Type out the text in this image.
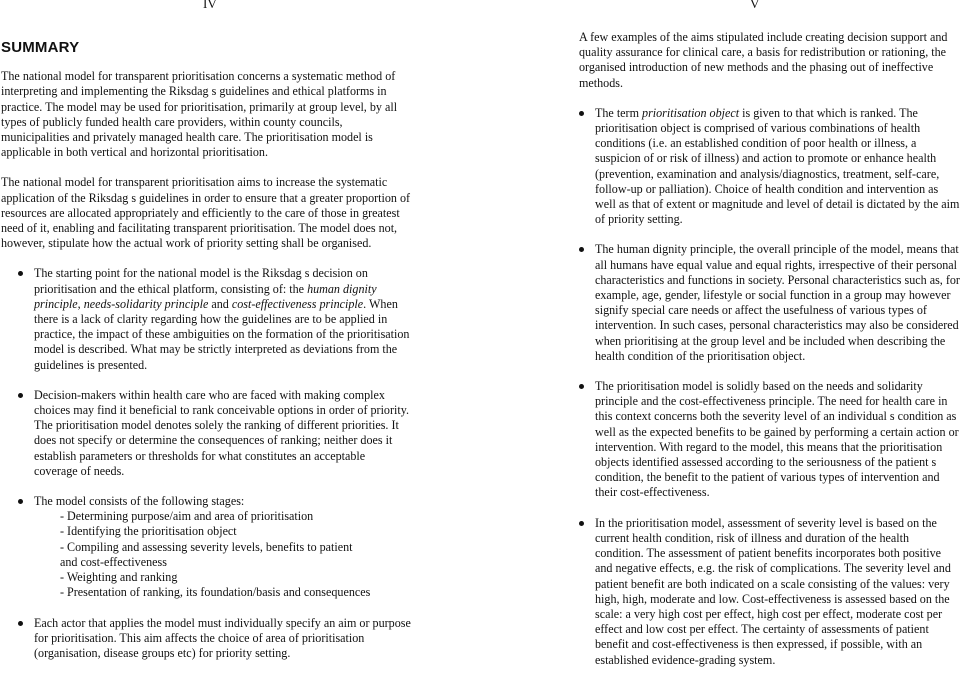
IV	V
SUMMARY

The national model for transparent prioritisation concerns a systematic method of interpreting and implementing the Riksdag s guidelines and ethical platforms in practice. The model may be used for prioritisation, primarily at group level, by all types of publicly funded health care providers, within county councils, municipalities and privately managed health care. The prioritisation model is applicable in both vertical and horizontal prioritisation.

The national model for transparent prioritisation aims to increase the systematic application of the Riksdag s guidelines in order to ensure that a greater proportion of resources are allocated appropriately and efficiently to the care of those in greatest need of it, enabling and facilitating transparent prioritisation. The model does not, however, stipulate how the actual work of priority setting shall be organised.

The starting point for the national model is the Riksdag s decision on prioritisation and the ethical platform, consisting of: the human dignity principle, needs-solidarity principle and cost-effectiveness principle. When there is a lack of clarity regarding how the guidelines are to be applied in practice, the impact of these ambiguities on the formation of the prioritisation model is described. What may be strictly interpreted as deviations from the guidelines is presented.
Decision-makers within health care who are faced with making complex choices may find it beneficial to rank conceivable options in order of priority. The prioritisation model denotes solely the ranking of different priorities. It does not specify or determine the consequences of ranking; neither does it establish parameters or thresholds for what constitutes an acceptable coverage of needs.
The model consists of the following stages:
- Determining purpose/aim and area of prioritisation
- Identifying the prioritisation object
- Compiling and assessing severity levels, benefits to patient
and cost-effectiveness
- Weighting and ranking
- Presentation of ranking, its foundation/basis and consequences
Each actor that applies the model must individually specify an aim or purpose for prioritisation. This aim affects the choice of area of prioritisation (organisation, disease groups etc) for priority setting.

A few examples of the aims stipulated include creating decision support and quality assurance for clinical care, a basis for redistribution or rationing, the organised introduction of new methods and the phasing out of ineffective methods.

The term prioritisation object is given to that which is ranked. The prioritisation object is comprised of various combinations of health conditions (i.e. an established condition of poor health or illness, a suspicion of or risk of illness) and action to promote or enhance health (prevention, examination and analysis/diagnostics, treatment, self-care, follow-up or palliation). Choice of health condition and intervention as well as that of extent or magnitude and level of detail is dictated by the aim of priority setting.
The human dignity principle, the overall principle of the model, means that all humans have equal value and equal rights, irrespective of their personal characteristics and functions in society. Personal characteristics such as, for example, age, gender, lifestyle or social function in a group may however signify special care needs or affect the usefulness of various types of intervention. In such cases, personal characteristics may also be considered when prioritising at the group level and be included when describing the health condition of the prioritisation object.
The prioritisation model is solidly based on the needs and solidarity principle and the cost-effectiveness principle. The need for health care in this context concerns both the severity level of an individual s condition as well as the expected benefits to be gained by performing a certain action or intervention. With regard to the model, this means that the prioritisation objects identified assessed according to the seriousness of the patient s condition, the benefit to the patient of various types of intervention and their cost-effectiveness.
In the prioritisation model, assessment of severity level is based on the current health condition, risk of illness and duration of the health condition. The assessment of patient benefits incorporates both positive and negative effects, e.g. the risk of complications. The severity level and patient benefit are both indicated on a scale consisting of the values: very high, high, moderate and low. Cost-effectiveness is assessed based on the scale: a very high cost per effect, high cost per effect, moderate cost per effect and low cost per effect. The certainty of assessments of patient benefit and cost-effectiveness is then expressed, if possible, with an established evidence-grading system.
